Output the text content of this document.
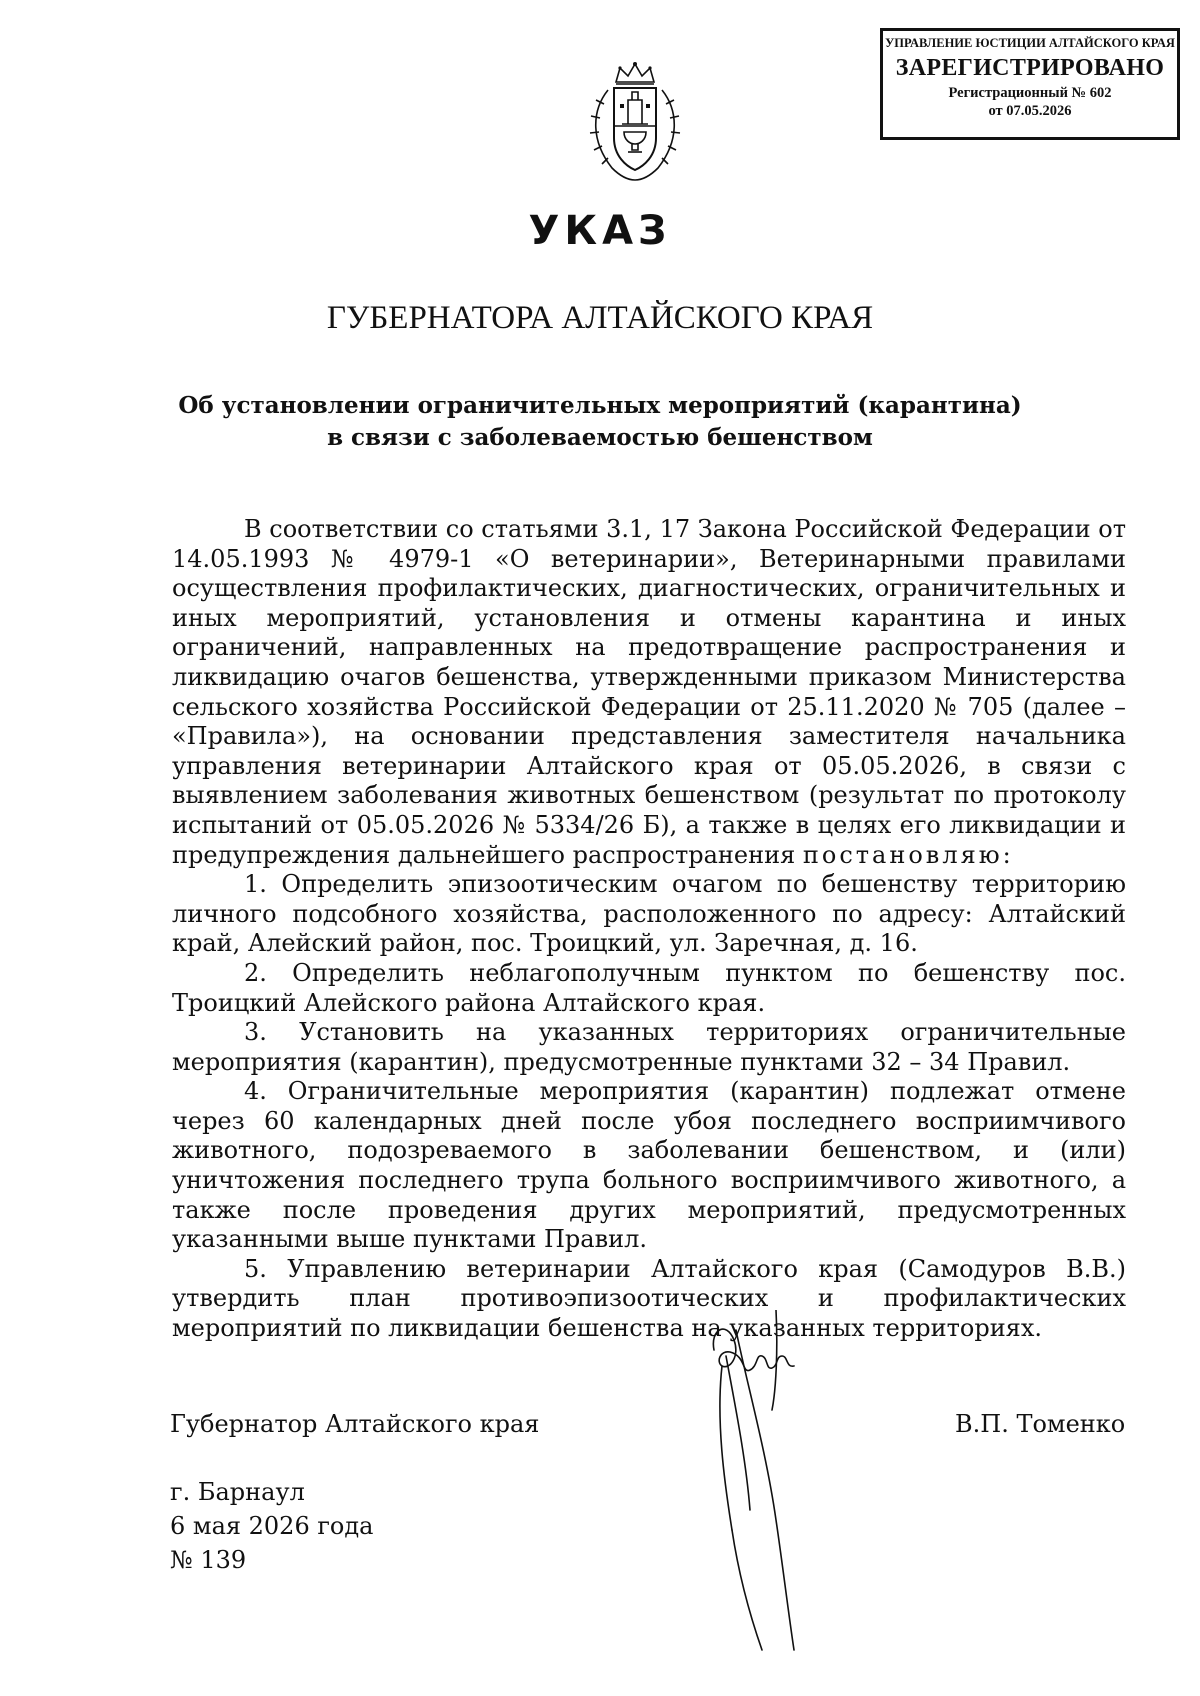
УПРАВЛЕНИЕ ЮСТИЦИИ АЛТАЙСКОГО КРАЯ
ЗАРЕГИСТРИРОВАНО
Регистрационный № 602
от 07.05.2026
УКАЗ
ГУБЕРНАТОРА АЛТАЙСКОГО КРАЯ
Об установлении ограничительных мероприятий (карантина)
в связи с заболеваемостью бешенством

В соответствии со статьями 3.1, 17 Закона Российской Федерации от 14.05.1993 № 4979-1 «О ветеринарии», Ветеринарными правилами осуществления профилактических, диагностических, ограничительных и иных мероприятий, установления и отмены карантина и иных ограничений, направленных на предотвращение распространения и ликвидацию очагов бешенства, утвержденными приказом Министерства сельского хозяйства Российской Федерации от 25.11.2020 № 705 (далее – «Правила»), на основании представления заместителя начальника управления ветеринарии Алтайского края от 05.05.2026, в связи с выявлением заболевания животных бешенством (результат по протоколу испытаний от 05.05.2026 № 5334/26 Б), а также в целях его ликвидации и предупреждения дальнейшего распространения постановляю:

1. Определить эпизоотическим очагом по бешенству территорию личного подсобного хозяйства, расположенного по адресу: Алтайский край, Алейский район, пос. Троицкий, ул. Заречная, д. 16.

2. Определить неблагополучным пунктом по бешенству пос. Троицкий Алейского района Алтайского края.

3. Установить на указанных территориях ограничительные мероприятия (карантин), предусмотренные пунктами 32 – 34 Правил.

4. Ограничительные мероприятия (карантин) подлежат отмене через 60 календарных дней после убоя последнего восприимчивого животного, подозреваемого в заболевании бешенством, и (или) уничтожения последнего трупа больного восприимчивого животного, а также после проведения других мероприятий, предусмотренных указанными выше пунктами Правил.

5. Управлению ветеринарии Алтайского края (Самодуров В.В.) утвердить план противоэпизоотических и профилактических мероприятий по ликвидации бешенства на указанных территориях.

Губернатор Алтайского края	В.П. Томенко
г. Барнаул
6 мая 2026 года
№ 139
